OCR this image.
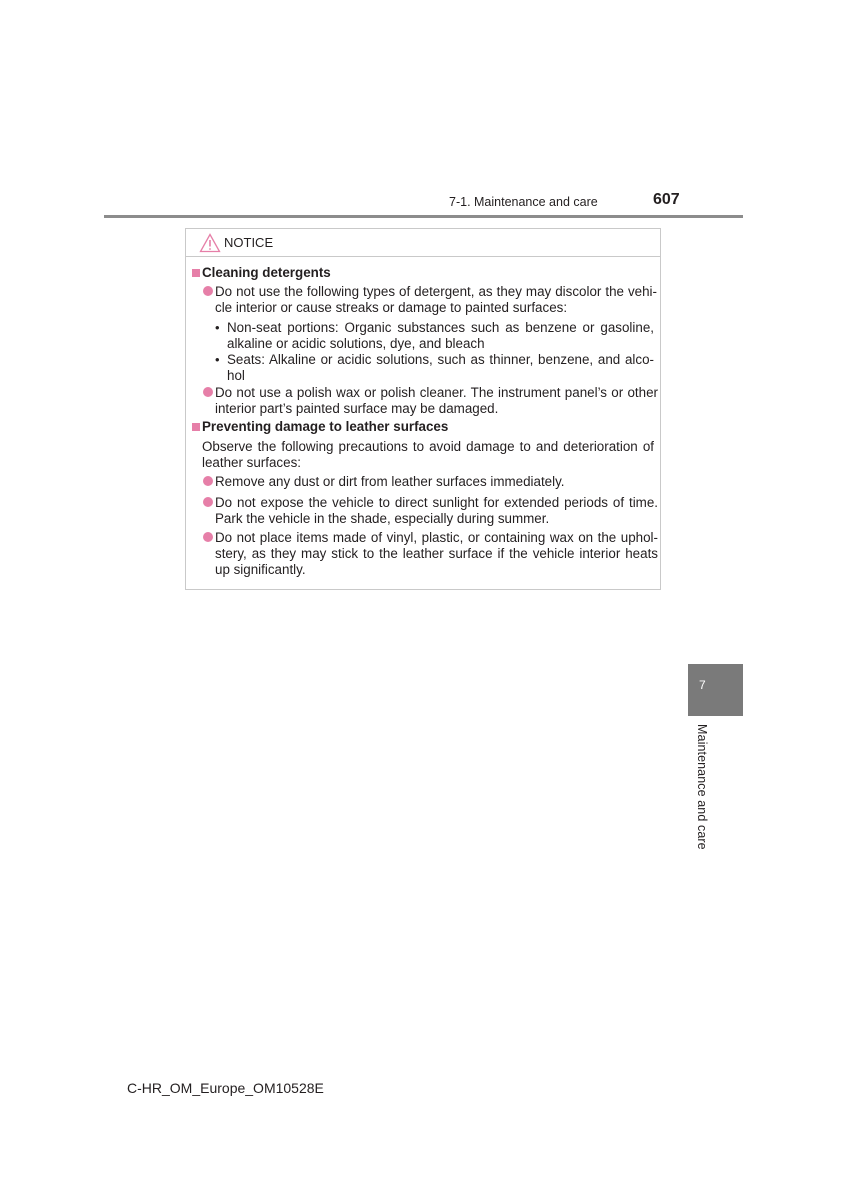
7-1. Maintenance and care	607
NOTICE
Cleaning detergents
Do not use the following types of detergent, as they may discolor the vehi-
cle interior or cause streaks or damage to painted surfaces:
• Non-seat portions: Organic substances such as benzene or gasoline,
alkaline or acidic solutions, dye, and bleach
• Seats: Alkaline or acidic solutions, such as thinner, benzene, and alco-
hol
Do not use a polish wax or polish cleaner. The instrument panel’s or other
interior part’s painted surface may be damaged.
Preventing damage to leather surfaces
Observe the following precautions to avoid damage to and deterioration of
leather surfaces:
Remove any dust or dirt from leather surfaces immediately.
Do not expose the vehicle to direct sunlight for extended periods of time.
Park the vehicle in the shade, especially during summer.
Do not place items made of vinyl, plastic, or containing wax on the uphol-
stery, as they may stick to the leather surface if the vehicle interior heats
up significantly.
7
Maintenance and care
C-HR_OM_Europe_OM10528E
